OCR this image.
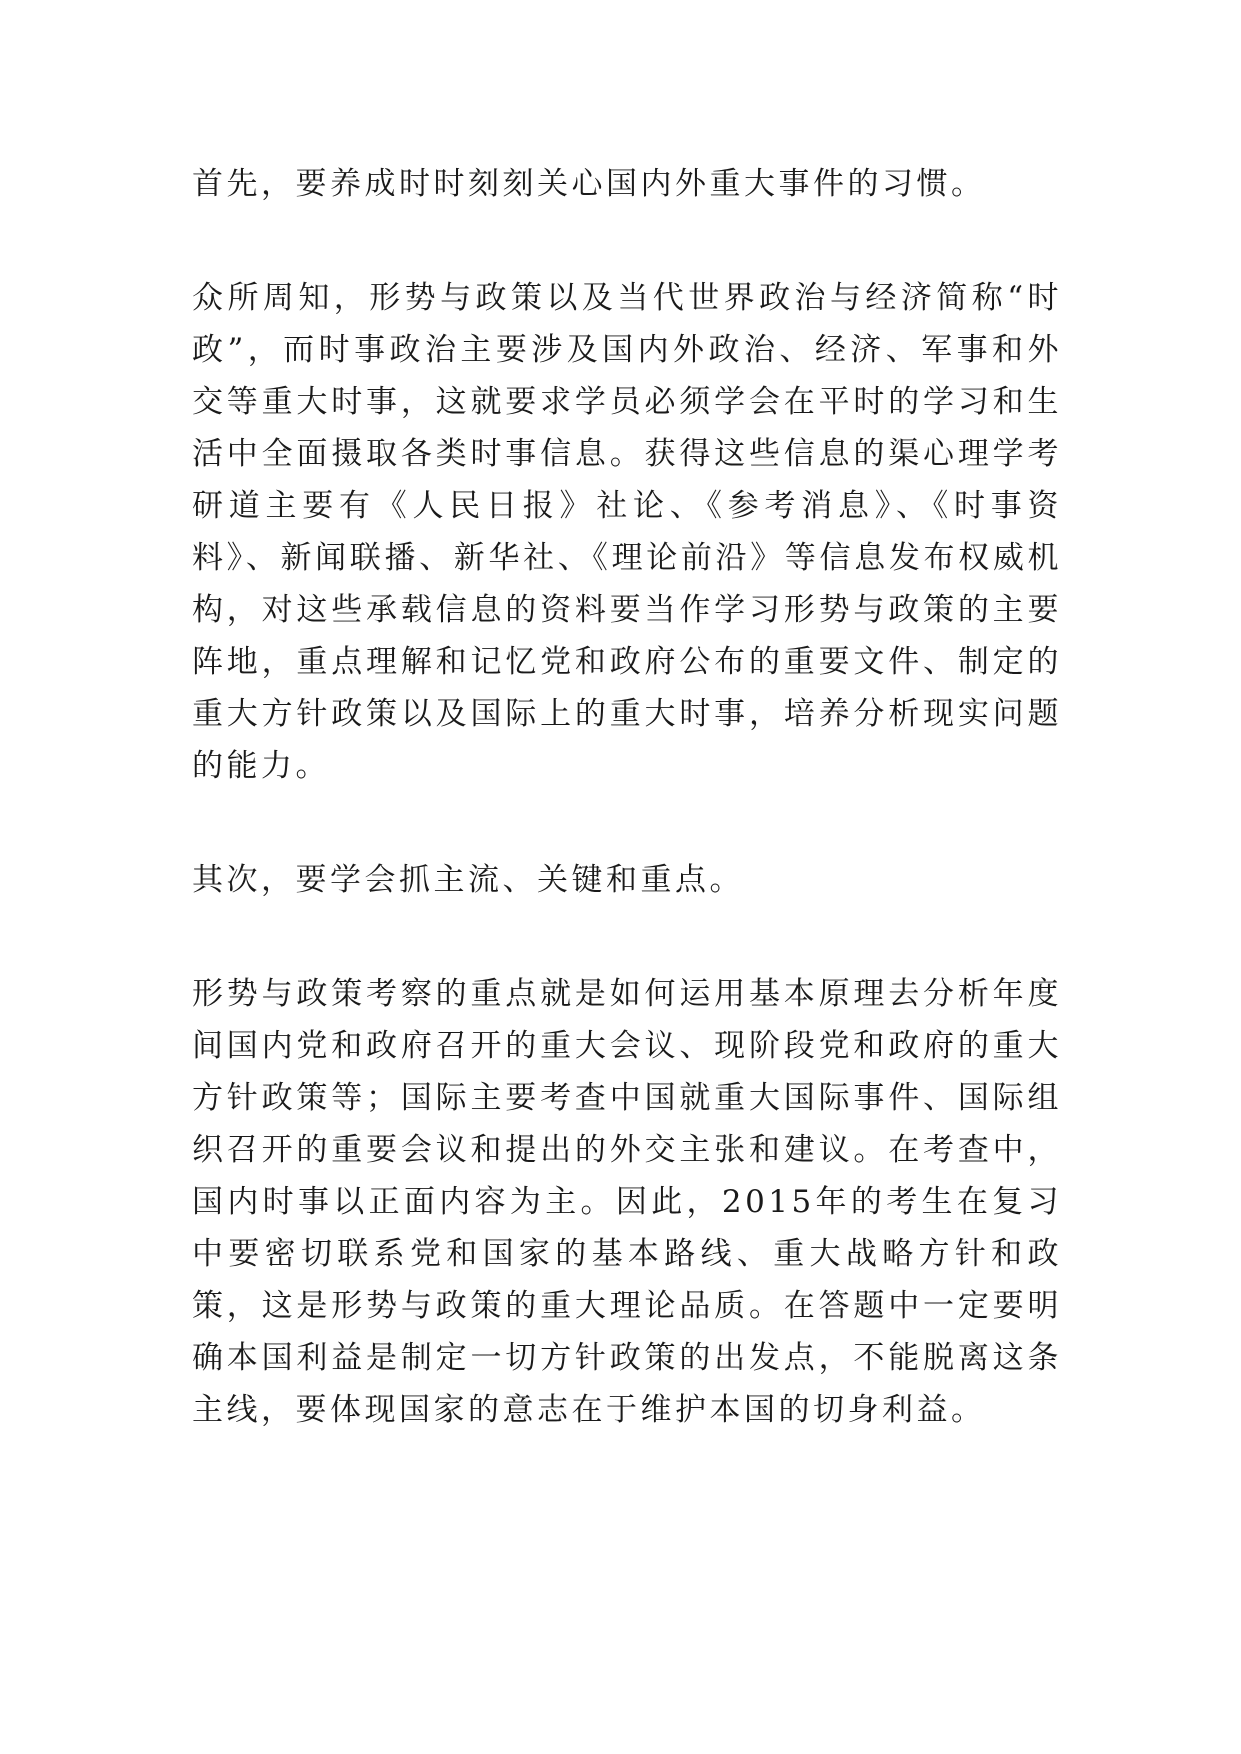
首先，要养成时时刻刻关心国内外重大事件的习惯。

众所周知，形势与政策以及当代世界政治与经济简称“时政”，而时事政治主要涉及国内外政治、经济、军事和外交等重大时事，这就要求学员必须学会在平时的学习和生活中全面摄取各类时事信息。获得这些信息的渠心理学考研道主要有《人民日报》社论、《参考消息》、《时事资料》、新闻联播、新华社、《理论前沿》等信息发布权威机构，对这些承载信息的资料要当作学习形势与政策的主要阵地，重点理解和记忆党和政府公布的重要文件、制定的重大方针政策以及国际上的重大时事，培养分析现实问题的能力。

其次，要学会抓主流、关键和重点。

形势与政策考察的重点就是如何运用基本原理去分析年度间国内党和政府召开的重大会议、现阶段党和政府的重大方针政策等；国际主要考查中国就重大国际事件、国际组织召开的重要会议和提出的外交主张和建议。在考查中，国内时事以正面内容为主。因此，2015年的考生在复习中要密切联系党和国家的基本路线、重大战略方针和政策，这是形势与政策的重大理论品质。在答题中一定要明确本国利益是制定一切方针政策的出发点，不能脱离这条主线，要体现国家的意志在于维护本国的切身利益。
